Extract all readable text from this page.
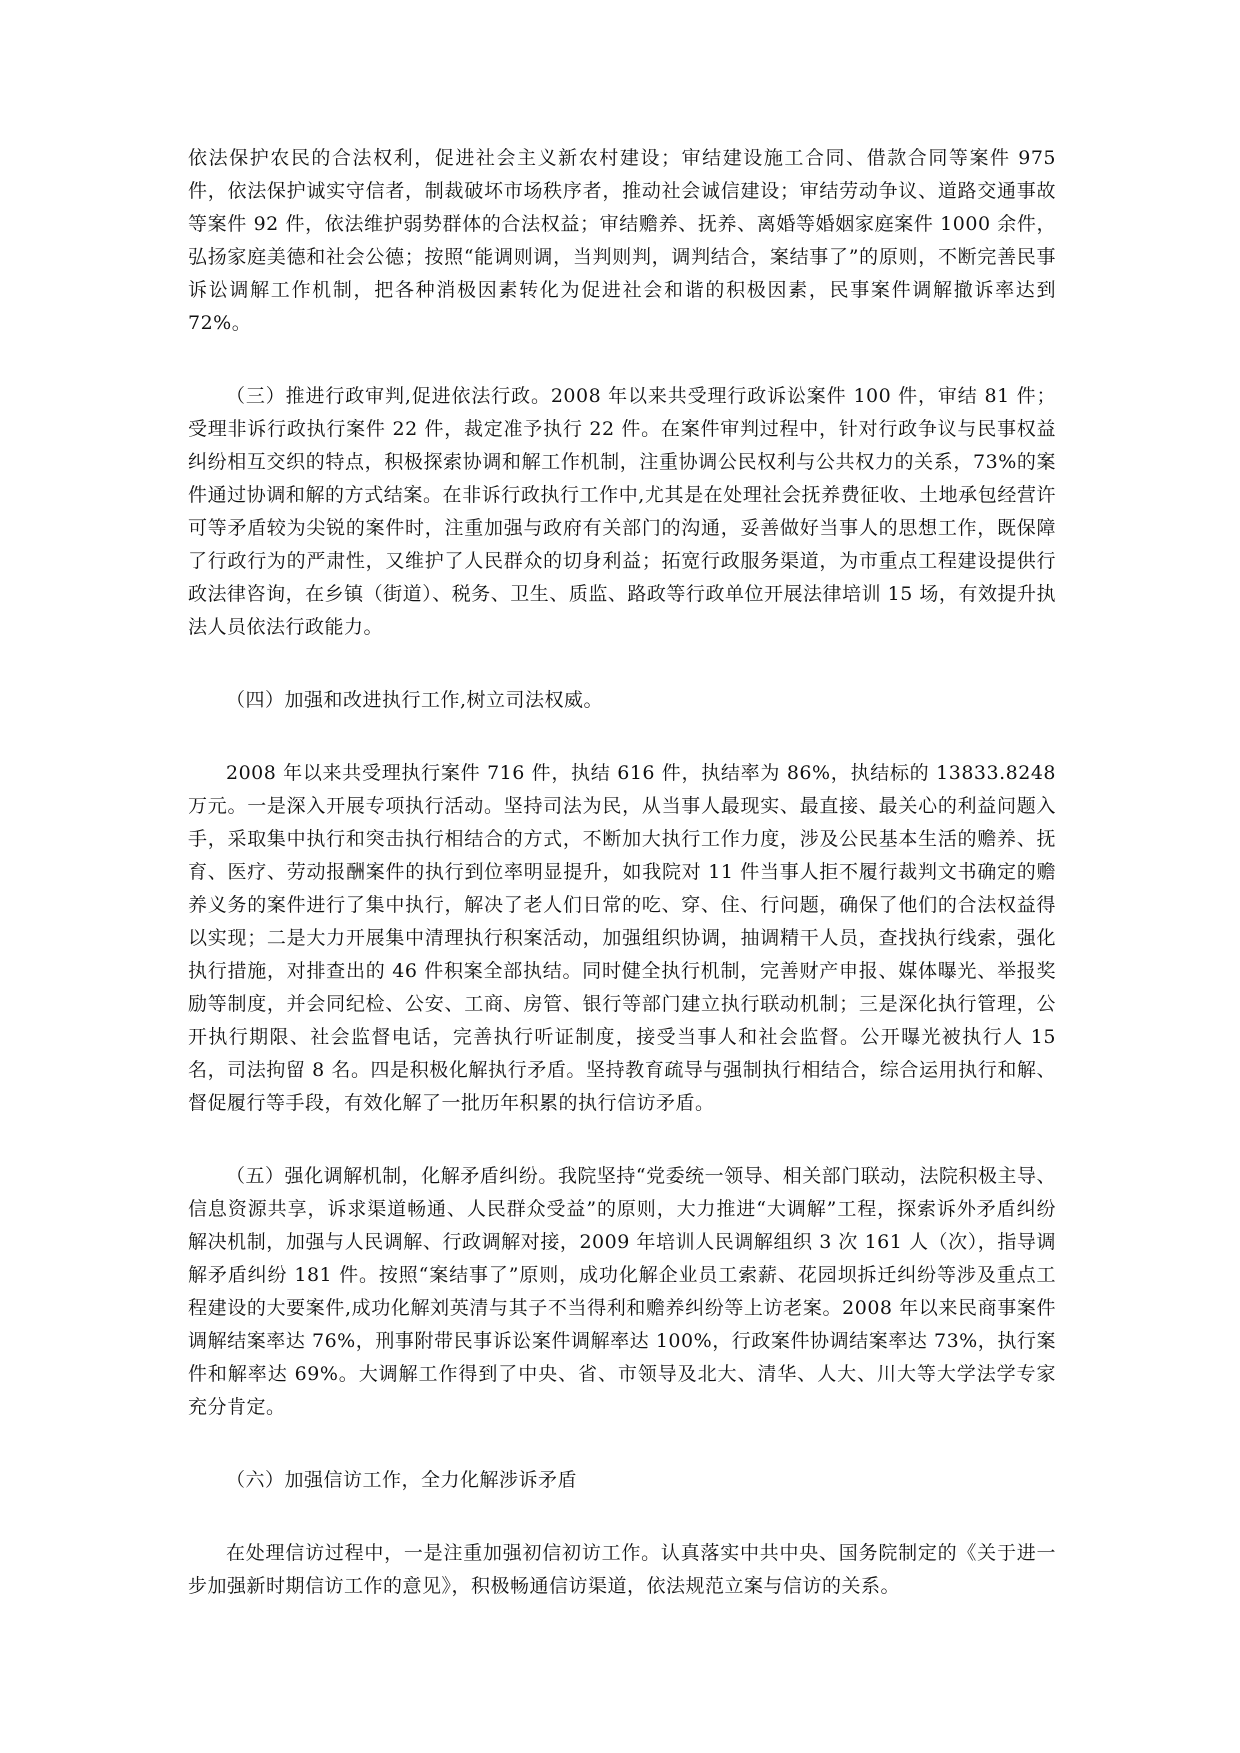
依法保护农民的合法权利，促进社会主义新农村建设；审结建设施工合同、借款合同等案件 975 件，依法保护诚实守信者，制裁破坏市场秩序者，推动社会诚信建设；审结劳动争议、道路交通事故等案件 92 件，依法维护弱势群体的合法权益；审结赡养、抚养、离婚等婚姻家庭案件 1000 余件，弘扬家庭美德和社会公德；按照“能调则调，当判则判，调判结合，案结事了”的原则，不断完善民事诉讼调解工作机制，把各种消极因素转化为促进社会和谐的积极因素，民事案件调解撤诉率达到 72%。

（三）推进行政审判,促进依法行政。2008 年以来共受理行政诉讼案件 100 件，审结 81 件；受理非诉行政执行案件 22 件，裁定准予执行 22 件。在案件审判过程中，针对行政争议与民事权益纠纷相互交织的特点，积极探索协调和解工作机制，注重协调公民权利与公共权力的关系，73%的案件通过协调和解的方式结案。在非诉行政执行工作中,尤其是在处理社会抚养费征收、土地承包经营许可等矛盾较为尖锐的案件时，注重加强与政府有关部门的沟通，妥善做好当事人的思想工作，既保障了行政行为的严肃性，又维护了人民群众的切身利益；拓宽行政服务渠道，为市重点工程建设提供行政法律咨询，在乡镇（街道）、税务、卫生、质监、路政等行政单位开展法律培训 15 场，有效提升执法人员依法行政能力。

（四）加强和改进执行工作,树立司法权威。

2008 年以来共受理执行案件 716 件，执结 616 件，执结率为 86%，执结标的 13833.8248 万元。一是深入开展专项执行活动。坚持司法为民，从当事人最现实、最直接、最关心的利益问题入手，采取集中执行和突击执行相结合的方式，不断加大执行工作力度，涉及公民基本生活的赡养、抚育、医疗、劳动报酬案件的执行到位率明显提升，如我院对 11 件当事人拒不履行裁判文书确定的赡养义务的案件进行了集中执行，解决了老人们日常的吃、穿、住、行问题，确保了他们的合法权益得以实现；二是大力开展集中清理执行积案活动，加强组织协调，抽调精干人员，查找执行线索，强化执行措施，对排查出的 46 件积案全部执结。同时健全执行机制，完善财产申报、媒体曝光、举报奖励等制度，并会同纪检、公安、工商、房管、银行等部门建立执行联动机制；三是深化执行管理，公开执行期限、社会监督电话，完善执行听证制度，接受当事人和社会监督。公开曝光被执行人 15 名，司法拘留 8 名。四是积极化解执行矛盾。坚持教育疏导与强制执行相结合，综合运用执行和解、督促履行等手段，有效化解了一批历年积累的执行信访矛盾。

（五）强化调解机制，化解矛盾纠纷。我院坚持“党委统一领导、相关部门联动，法院积极主导、信息资源共享，诉求渠道畅通、人民群众受益”的原则，大力推进“大调解”工程，探索诉外矛盾纠纷解决机制，加强与人民调解、行政调解对接，2009 年培训人民调解组织 3 次 161 人（次），指导调解矛盾纠纷 181 件。按照“案结事了”原则，成功化解企业员工索薪、花园坝拆迁纠纷等涉及重点工程建设的大要案件,成功化解刘英清与其子不当得利和赡养纠纷等上访老案。2008 年以来民商事案件调解结案率达 76%，刑事附带民事诉讼案件调解率达 100%，行政案件协调结案率达 73%，执行案件和解率达 69%。大调解工作得到了中央、省、市领导及北大、清华、人大、川大等大学法学专家充分肯定。

（六）加强信访工作，全力化解涉诉矛盾

在处理信访过程中，一是注重加强初信初访工作。认真落实中共中央、国务院制定的《关于进一步加强新时期信访工作的意见》，积极畅通信访渠道，依法规范立案与信访的关系。
